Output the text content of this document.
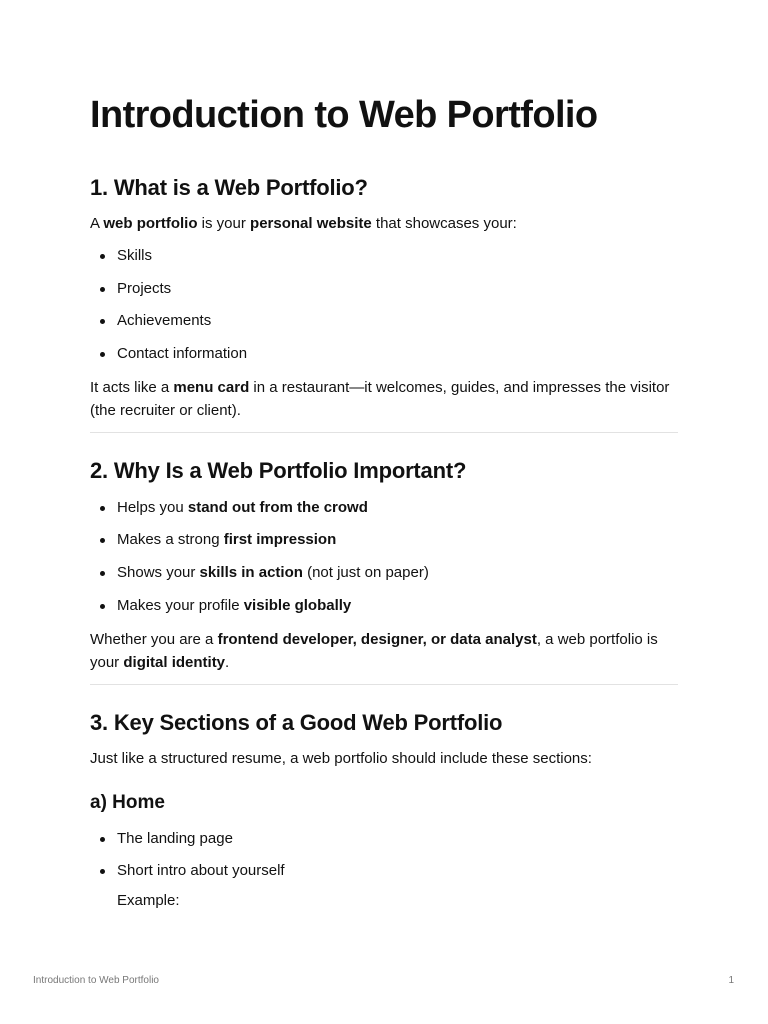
Introduction to Web Portfolio
1. What is a Web Portfolio?

A web portfolio is your personal website that showcases your:

Skills
Projects
Achievements
Contact information

It acts like a menu card in a restaurant—it welcomes, guides, and impresses the visitor (the recruiter or client).

2. Why Is a Web Portfolio Important?
Helps you stand out from the crowd
Makes a strong first impression
Shows your skills in action (not just on paper)
Makes your profile visible globally

Whether you are a frontend developer, designer, or data analyst, a web portfolio is your digital identity.

3. Key Sections of a Good Web Portfolio

Just like a structured resume, a web portfolio should include these sections:

a) Home
The landing page
Short intro about yourself

Example:

Introduction to Web Portfolio	1
